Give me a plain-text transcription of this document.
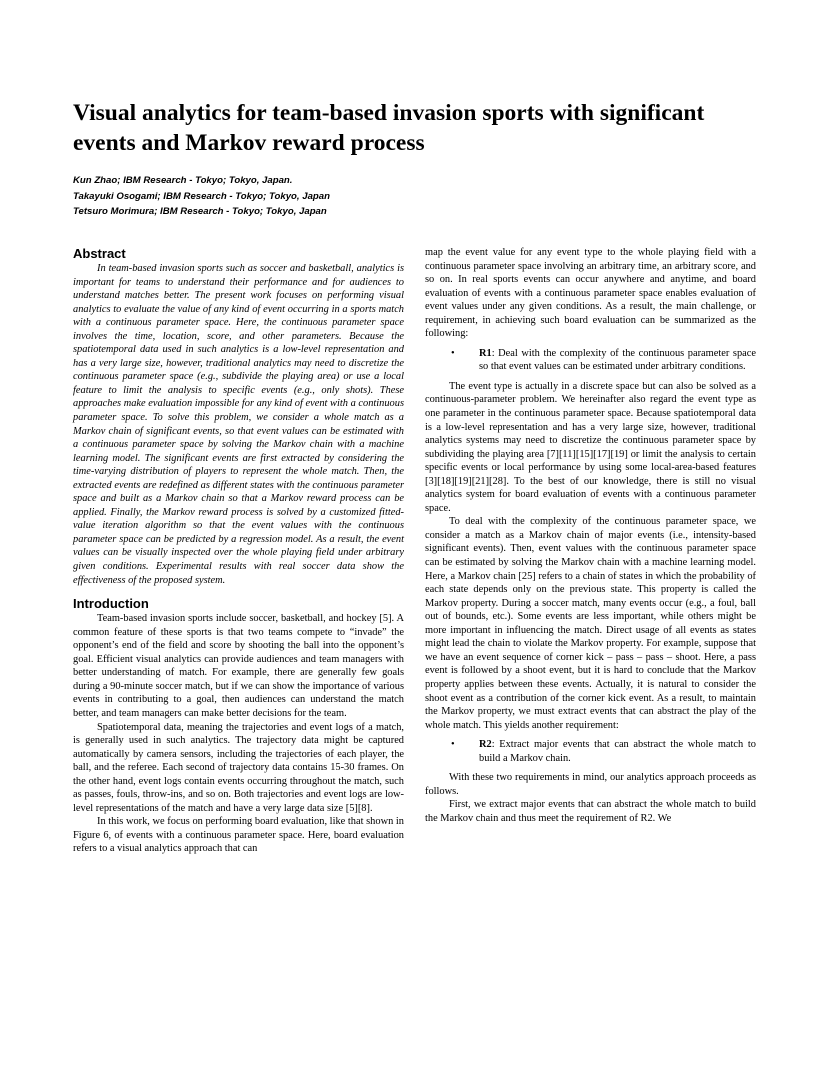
Visual analytics for team-based invasion sports with significant events and Markov reward process
Kun Zhao; IBM Research - Tokyo; Tokyo, Japan.
Takayuki Osogami; IBM Research - Tokyo; Tokyo, Japan
Tetsuro Morimura; IBM Research - Tokyo; Tokyo, Japan
Abstract

In team-based invasion sports such as soccer and basketball, analytics is important for teams to understand their performance and for audiences to understand matches better. The present work focuses on performing visual analytics to evaluate the value of any kind of event occurring in a sports match with a continuous parameter space. Here, the continuous parameter space involves the time, location, score, and other parameters. Because the spatiotemporal data used in such analytics is a low-level representation and has a very large size, however, traditional analytics may need to discretize the continuous parameter space (e.g., subdivide the playing area) or use a local feature to limit the analysis to specific events (e.g., only shots). These approaches make evaluation impossible for any kind of event with a continuous parameter space. To solve this problem, we consider a whole match as a Markov chain of significant events, so that event values can be estimated with a continuous parameter space by solving the Markov chain with a machine learning model. The significant events are first extracted by considering the time-varying distribution of players to represent the whole match. Then, the extracted events are redefined as different states with the continuous parameter space and built as a Markov chain so that a Markov reward process can be applied. Finally, the Markov reward process is solved by a customized fitted-value iteration algorithm so that the event values with the continuous parameter space can be predicted by a regression model. As a result, the event values can be visually inspected over the whole playing field under arbitrary given conditions. Experimental results with real soccer data show the effectiveness of the proposed system.

Introduction

Team-based invasion sports include soccer, basketball, and hockey [5]. A common feature of these sports is that two teams compete to “invade” the opponent’s end of the field and score by shooting the ball into the opponent’s goal. Efficient visual analytics can provide audiences and team managers with better understanding of match. For example, there are generally few goals during a 90-minute soccer match, but if we can show the importance of various events in contributing to a goal, then audiences can understand the match better, and team managers can make better decisions for the team.

Spatiotemporal data, meaning the trajectories and event logs of a match, is generally used in such analytics. The trajectory data might be captured automatically by camera sensors, including the trajectories of each player, the ball, and the referee. Each second of trajectory data contains 15-30 frames. On the other hand, event logs contain events occurring throughout the match, such as passes, fouls, throw-ins, and so on. Both trajectories and event logs are low-level representations of the match and have a very large data size [5][8].

In this work, we focus on performing board evaluation, like that shown in Figure 6, of events with a continuous parameter space. Here, board evaluation refers to a visual analytics approach that can

map the event value for any event type to the whole playing field with a continuous parameter space involving an arbitrary time, an arbitrary score, and so on. In real sports events can occur anywhere and anytime, and board evaluation of events with a continuous parameter space enables evaluation of event values under any given conditions. As a result, the main challenge, or requirement, in achieving such board evaluation can be summarized as the following:

• R1: Deal with the complexity of the continuous parameter space so that event values can be estimated under arbitrary conditions.

The event type is actually in a discrete space but can also be solved as a continuous-parameter problem. We hereinafter also regard the event type as one parameter in the continuous parameter space. Because spatiotemporal data is a low-level representation and has a very large size, however, traditional analytics systems may need to discretize the continuous parameter space by subdividing the playing area [7][11][15][17][19] or limit the analysis to certain specific events or local performance by using some local-area-based features [3][18][19][21][28]. To the best of our knowledge, there is still no visual analytics system for board evaluation of events with a continuous parameter space.

To deal with the complexity of the continuous parameter space, we consider a match as a Markov chain of major events (i.e., intensity-based significant events). Then, event values with the continuous parameter space can be estimated by solving the Markov chain with a machine learning model. Here, a Markov chain [25] refers to a chain of states in which the probability of each state depends only on the previous state. This property is called the Markov property. During a soccer match, many events occur (e.g., a foul, ball out of bounds, etc.). Some events are less important, while others might be more important in influencing the match. Direct usage of all events as states might lead the chain to violate the Markov property. For example, suppose that we have an event sequence of corner kick – pass – pass – shoot. Here, a pass event is followed by a shoot event, but it is hard to conclude that the Markov property applies between these events. Actually, it is natural to consider the shoot event as a contribution of the corner kick event. As a result, to maintain the Markov property, we must extract events that can abstract the play of the whole match. This yields another requirement:

• R2: Extract major events that can abstract the whole match to build a Markov chain.

With these two requirements in mind, our analytics approach proceeds as follows.

First, we extract major events that can abstract the whole match to build the Markov chain and thus meet the requirement of R2. We
